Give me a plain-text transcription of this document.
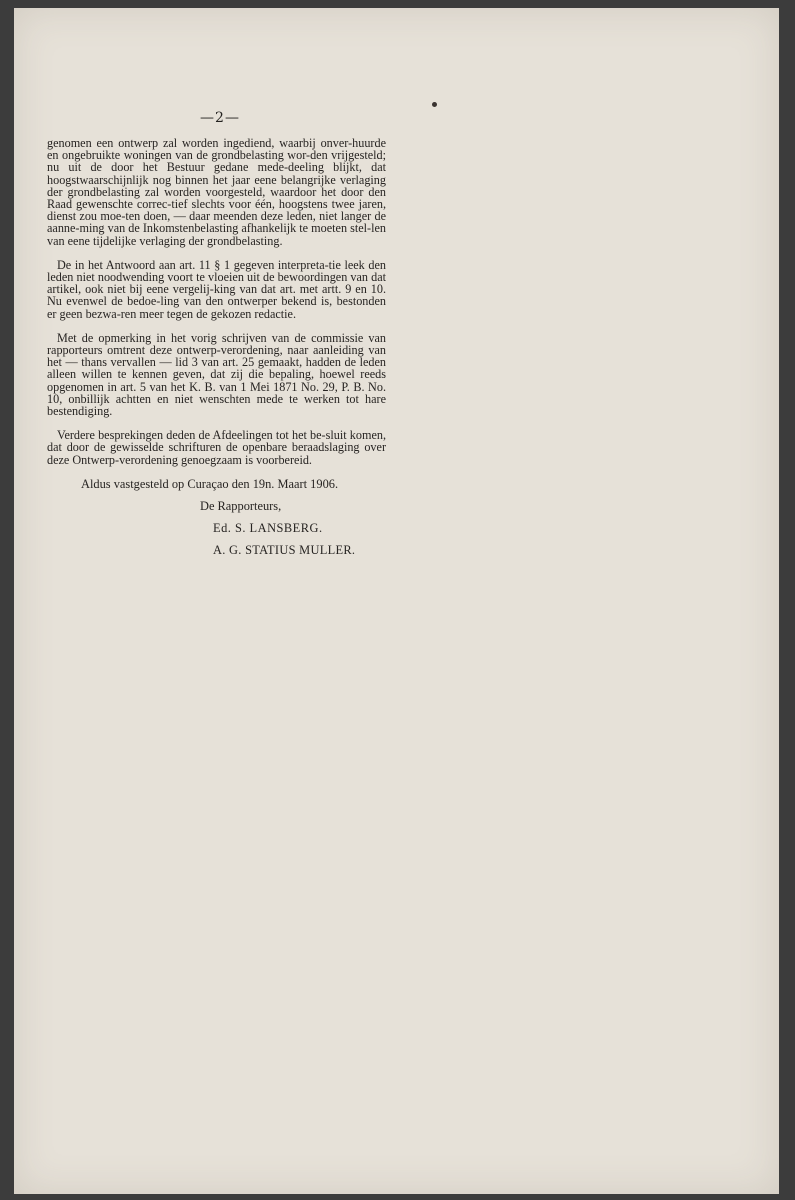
—2—

genomen een ontwerp zal worden ingediend, waarbij onver-huurde en ongebruikte woningen van de grondbelasting wor-den vrijgesteld; nu uit de door het Bestuur gedane mede-deeling blijkt, dat hoogstwaarschijnlijk nog binnen het jaar eene belangrijke verlaging der grondbelasting zal worden voorgesteld, waardoor het door den Raad gewenschte correc-tief slechts voor één, hoogstens twee jaren, dienst zou moe-ten doen, — daar meenden deze leden, niet langer de aanne-ming van de Inkomstenbelasting afhankelijk te moeten stel-len van eene tijdelijke verlaging der grondbelasting.

De in het Antwoord aan art. 11 § 1 gegeven interpreta-tie leek den leden niet noodwending voort te vloeien uit de bewoordingen van dat artikel, ook niet bij eene vergelij-king van dat art. met artt. 9 en 10. Nu evenwel de bedoe-ling van den ontwerper bekend is, bestonden er geen bezwa-ren meer tegen de gekozen redactie.

Met de opmerking in het vorig schrijven van de commissie van rapporteurs omtrent deze ontwerp-verordening, naar aanleiding van het — thans vervallen — lid 3 van art. 25 gemaakt, hadden de leden alleen willen te kennen geven, dat zij die bepaling, hoewel reeds opgenomen in art. 5 van het K. B. van 1 Mei 1871 No. 29, P. B. No. 10, onbillijk achtten en niet wenschten mede te werken tot hare bestendiging.

Verdere besprekingen deden de Afdeelingen tot het be-sluit komen, dat door de gewisselde schrifturen de openbare beraadslaging over deze Ontwerp-verordening genoegzaam is voorbereid.

Aldus vastgesteld op Curaçao den 19n. Maart 1906.
De Rapporteurs,
Ed. S. LANSBERG.
A. G. STATIUS MULLER.
